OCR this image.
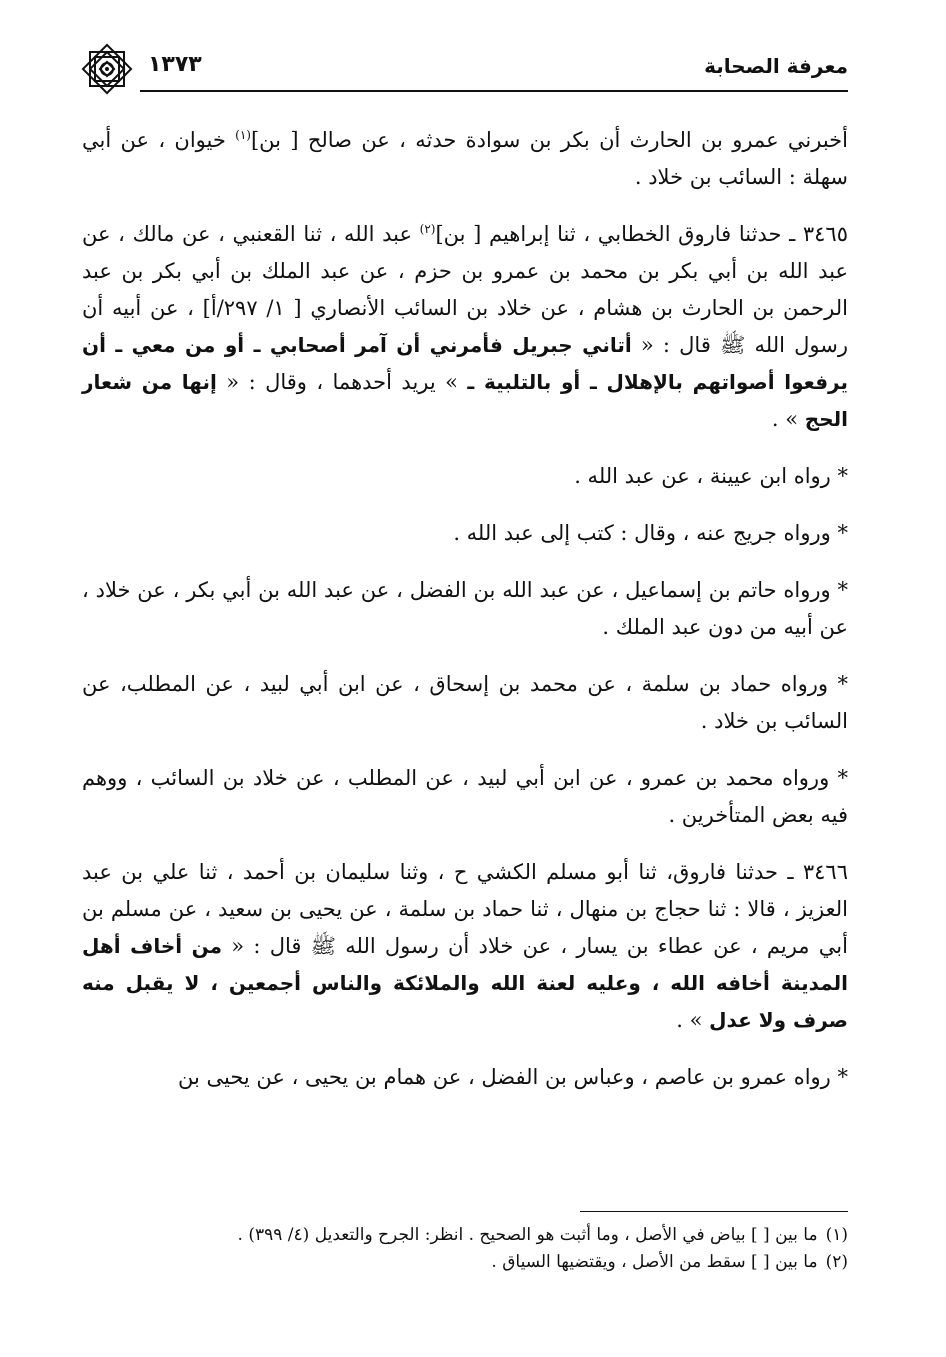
معرفة الصحابة
١٣٧٣

أخبرني عمرو بن الحارث أن بكر بن سوادة حدثه ، عن صالح [ بن]$^{(١)}$ خيوان ، عن أبي سهلة : السائب بن خلاد .

٣٤٦٥ ـ حدثنا فاروق الخطابي ، ثنا إبراهيم [ بن]$^{(٢)}$ عبد الله ، ثنا القعنبي ، عن مالك ، عن عبد الله بن أبي بكر بن محمد بن عمرو بن حزم ، عن عبد الملك بن أبي بكر بن عبد الرحمن بن الحارث بن هشام ، عن خلاد بن السائب الأنصاري [ ١/ ٢٩٧/أ] ، عن أبيه أن رسول الله ﷺ قال : « أتاني جبريل فأمرني أن آمر أصحابي ـ أو من معي ـ أن يرفعوا أصواتهم بالإهلال ـ أو بالتلبية ـ » يريد أحدهما ، وقال : « إنها من شعار الحج » .

* رواه ابن عيينة ، عن عبد الله .

* ورواه جريج عنه ، وقال : كتب إلى عبد الله .

* ورواه حاتم بن إسماعيل ، عن عبد الله بن الفضل ، عن عبد الله بن أبي بكر ، عن خلاد ، عن أبيه من دون عبد الملك .

* ورواه حماد بن سلمة ، عن محمد بن إسحاق ، عن ابن أبي لبيد ، عن المطلب، عن السائب بن خلاد .

* ورواه محمد بن عمرو ، عن ابن أبي لبيد ، عن المطلب ، عن خلاد بن السائب ، ووهم فيه بعض المتأخرين .

٣٤٦٦ ـ حدثنا فاروق، ثنا أبو مسلم الكشي ح ، وثنا سليمان بن أحمد ، ثنا علي بن عبد العزيز ، قالا : ثنا حجاج بن منهال ، ثنا حماد بن سلمة ، عن يحيى بن سعيد ، عن مسلم بن أبي مريم ، عن عطاء بن يسار ، عن خلاد أن رسول الله ﷺ قال : « من أخاف أهل المدينة أخافه الله ، وعليه لعنة الله والملائكة والناس أجمعين ، لا يقبل منه صرف ولا عدل » .

* رواه عمرو بن عاصم ، وعباس بن الفضل ، عن همام بن يحيى ، عن يحيى بن

(١)ما بين [ ] بياض في الأصل ، وما أثبت هو الصحيح . انظر: الجرح والتعديل (٤/ ٣٩٩) .

(٢)ما بين [ ] سقط من الأصل ، ويقتضيها السياق .
